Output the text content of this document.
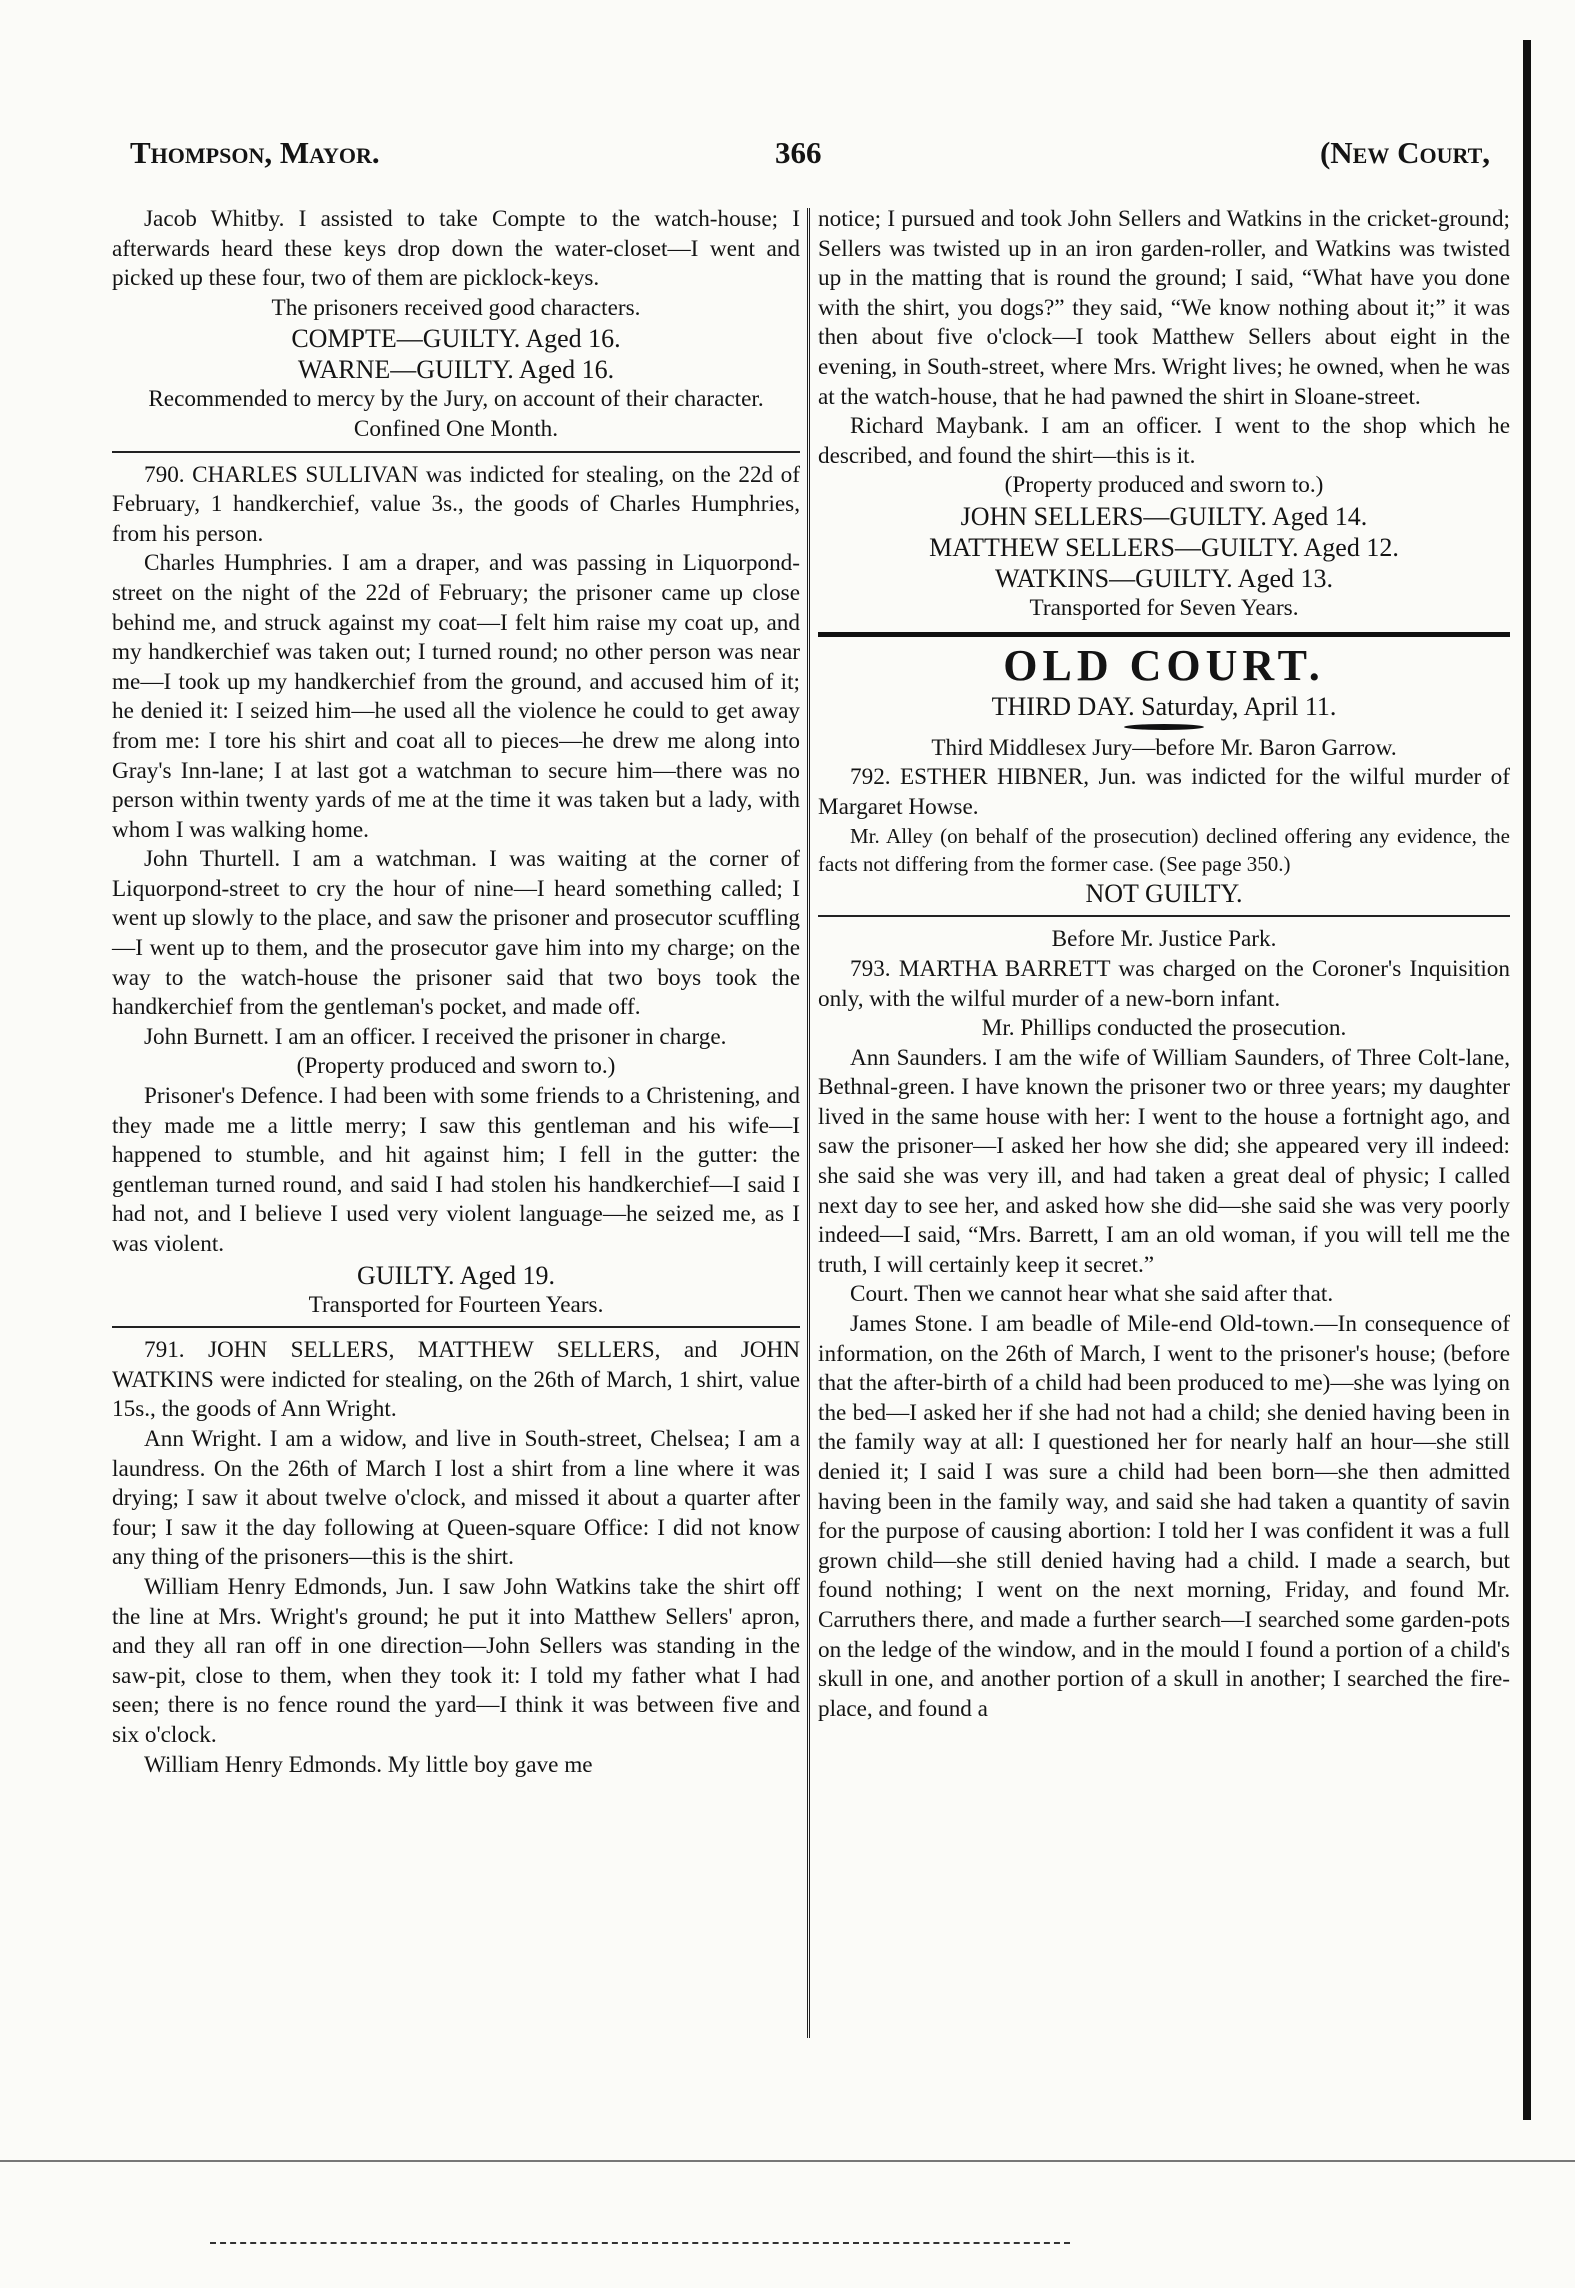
Thompson, Mayor.	366	(New Court,

Jacob Whitby. I assisted to take Compte to the watch-house; I afterwards heard these keys drop down the water-closet—I went and picked up these four, two of them are picklock-keys.

The prisoners received good characters.

COMPTE—GUILTY. Aged 16.

WARNE—GUILTY. Aged 16.

Recommended to mercy by the Jury, on account of their character.

Confined One Month.

790. CHARLES SULLIVAN was indicted for stealing, on the 22d of February, 1 handkerchief, value 3s., the goods of Charles Humphries, from his person.

Charles Humphries. I am a draper, and was passing in Liquorpond-street on the night of the 22d of February; the prisoner came up close behind me, and struck against my coat—I felt him raise my coat up, and my handkerchief was taken out; I turned round; no other person was near me—I took up my handkerchief from the ground, and accused him of it; he denied it: I seized him—he used all the violence he could to get away from me: I tore his shirt and coat all to pieces—he drew me along into Gray's Inn-lane; I at last got a watchman to secure him—there was no person within twenty yards of me at the time it was taken but a lady, with whom I was walking home.

John Thurtell. I am a watchman. I was waiting at the corner of Liquorpond-street to cry the hour of nine—I heard something called; I went up slowly to the place, and saw the prisoner and prosecutor scuffling—I went up to them, and the prosecutor gave him into my charge; on the way to the watch-house the prisoner said that two boys took the handkerchief from the gentleman's pocket, and made off.

John Burnett. I am an officer. I received the prisoner in charge.

(Property produced and sworn to.)

Prisoner's Defence. I had been with some friends to a Christening, and they made me a little merry; I saw this gentleman and his wife—I happened to stumble, and hit against him; I fell in the gutter: the gentleman turned round, and said I had stolen his handkerchief—I said I had not, and I believe I used very violent language—he seized me, as I was violent.

GUILTY. Aged 19.

Transported for Fourteen Years.

791. JOHN SELLERS, MATTHEW SELLERS, and JOHN WATKINS were indicted for stealing, on the 26th of March, 1 shirt, value 15s., the goods of Ann Wright.

Ann Wright. I am a widow, and live in South-street, Chelsea; I am a laundress. On the 26th of March I lost a shirt from a line where it was drying; I saw it about twelve o'clock, and missed it about a quarter after four; I saw it the day following at Queen-square Office: I did not know any thing of the prisoners—this is the shirt.

William Henry Edmonds, Jun. I saw John Watkins take the shirt off the line at Mrs. Wright's ground; he put it into Matthew Sellers' apron, and they all ran off in one direction—John Sellers was standing in the saw-pit, close to them, when they took it: I told my father what I had seen; there is no fence round the yard—I think it was between five and six o'clock.

William Henry Edmonds. My little boy gave me

notice; I pursued and took John Sellers and Watkins in the cricket-ground; Sellers was twisted up in an iron garden-roller, and Watkins was twisted up in the matting that is round the ground; I said, “What have you done with the shirt, you dogs?” they said, “We know nothing about it;” it was then about five o'clock—I took Matthew Sellers about eight in the evening, in South-street, where Mrs. Wright lives; he owned, when he was at the watch-house, that he had pawned the shirt in Sloane-street.

Richard Maybank. I am an officer. I went to the shop which he described, and found the shirt—this is it.

(Property produced and sworn to.)

JOHN SELLERS—GUILTY. Aged 14.

MATTHEW SELLERS—GUILTY. Aged 12.

WATKINS—GUILTY. Aged 13.

Transported for Seven Years.

OLD COURT.

THIRD DAY. Saturday, April 11.

Third Middlesex Jury—before Mr. Baron Garrow.

792. ESTHER HIBNER, Jun. was indicted for the wilful murder of Margaret Howse.

Mr. Alley (on behalf of the prosecution) declined offering any evidence, the facts not differing from the former case. (See page 350.)

NOT GUILTY.

Before Mr. Justice Park.

793. MARTHA BARRETT was charged on the Coroner's Inquisition only, with the wilful murder of a new-born infant.

Mr. Phillips conducted the prosecution.

Ann Saunders. I am the wife of William Saunders, of Three Colt-lane, Bethnal-green. I have known the prisoner two or three years; my daughter lived in the same house with her: I went to the house a fortnight ago, and saw the prisoner—I asked her how she did; she appeared very ill indeed: she said she was very ill, and had taken a great deal of physic; I called next day to see her, and asked how she did—she said she was very poorly indeed—I said, “Mrs. Barrett, I am an old woman, if you will tell me the truth, I will certainly keep it secret.”

Court. Then we cannot hear what she said after that.

James Stone. I am beadle of Mile-end Old-town.—In consequence of information, on the 26th of March, I went to the prisoner's house; (before that the after-birth of a child had been produced to me)—she was lying on the bed—I asked her if she had not had a child; she denied having been in the family way at all: I questioned her for nearly half an hour—she still denied it; I said I was sure a child had been born—she then admitted having been in the family way, and said she had taken a quantity of savin for the purpose of causing abortion: I told her I was confident it was a full grown child—she still denied having had a child. I made a search, but found nothing; I went on the next morning, Friday, and found Mr. Carruthers there, and made a further search—I searched some garden-pots on the ledge of the window, and in the mould I found a portion of a child's skull in one, and another portion of a skull in another; I searched the fire-place, and found a
